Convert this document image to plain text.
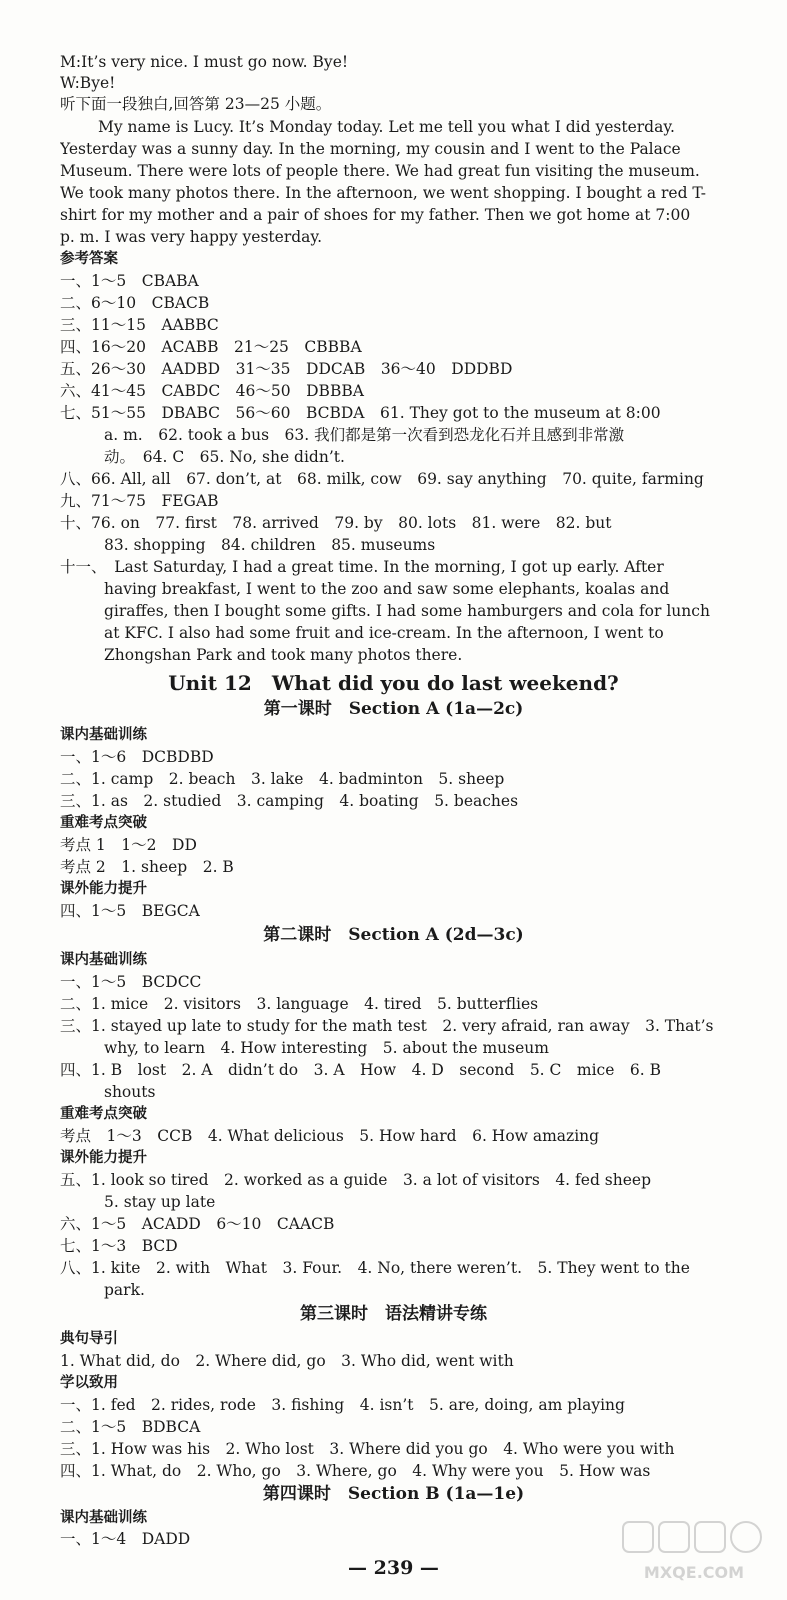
M:It’s very nice. I must go now. Bye!
W:Bye!
听下面一段独白,回答第 23—25 小题。
My name is Lucy. It’s Monday today. Let me tell you what I did yesterday.
Yesterday was a sunny day. In the morning, my cousin and I went to the Palace
Museum. There were lots of people there. We had great fun visiting the museum.
We took many photos there. In the afternoon, we went shopping. I bought a red T-
shirt for my mother and a pair of shoes for my father. Then we got home at 7:00
p. m. I was very happy yesterday.
参考答案
一、1～5　CBABA
二、6～10　CBACB
三、11～15　AABBC
四、16～20　ACABB　21～25　CBBBA
五、26～30　AADBD　31～35　DDCAB　36～40　DDDBD
六、41～45　CABDC　46～50　DBBBA
七、51～55　DBABC　56～60　BCBDA　61. They got to the museum at 8:00
a. m.　62. took a bus　63. 我们都是第一次看到恐龙化石并且感到非常激
动。　64. C　65. No, she didn’t.
八、66. All, all　67. don’t, at　68. milk, cow　69. say anything　70. quite, farming
九、71～75　FEGAB
十、76. on　77. first　78. arrived　79. by　80. lots　81. were　82. but
83. shopping　84. children　85. museums
十一、　Last Saturday, I had a great time. In the morning, I got up early. After
having breakfast, I went to the zoo and saw some elephants, koalas and
giraffes, then I bought some gifts. I had some hamburgers and cola for lunch
at KFC. I also had some fruit and ice-cream. In the afternoon, I went to
Zhongshan Park and took many photos there.
Unit 12　What did you do last weekend?
第一课时　Section A (1a—2c)
课内基础训练
一、1～6　DCBDBD
二、1. camp　2. beach　3. lake　4. badminton　5. sheep
三、1. as　2. studied　3. camping　4. boating　5. beaches
重难考点突破
考点 1　1～2　DD
考点 2　1. sheep　2. B
课外能力提升
四、1～5　BEGCA
第二课时　Section A (2d—3c)
课内基础训练
一、1～5　BCDCC
二、1. mice　2. visitors　3. language　4. tired　5. butterflies
三、1. stayed up late to study for the math test　2. very afraid, ran away　3. That’s
why, to learn　4. How interesting　5. about the museum
四、1. B　lost　2. A　didn’t do　3. A　How　4. D　second　5. C　mice　6. B
shouts
重难考点突破
考点　1～3　CCB　4. What delicious　5. How hard　6. How amazing
课外能力提升
五、1. look so tired　2. worked as a guide　3. a lot of visitors　4. fed sheep
5. stay up late
六、1～5　ACADD　6～10　CAACB
七、1～3　BCD
八、1. kite　2. with　What　3. Four.　4. No, there weren’t.　5. They went to the
park.
第三课时　语法精讲专练
典句导引
1. What did, do　2. Where did, go　3. Who did, went with
学以致用
一、1. fed　2. rides, rode　3. fishing　4. isn’t　5. are, doing, am playing
二、1～5　BDBCA
三、1. How was his　2. Who lost　3. Where did you go　4. Who were you with
四、1. What, do　2. Who, go　3. Where, go　4. Why were you　5. How was
第四课时　Section B (1a—1e)
课内基础训练
一、1～4　DADD
— 239 —	MXQE.COM
